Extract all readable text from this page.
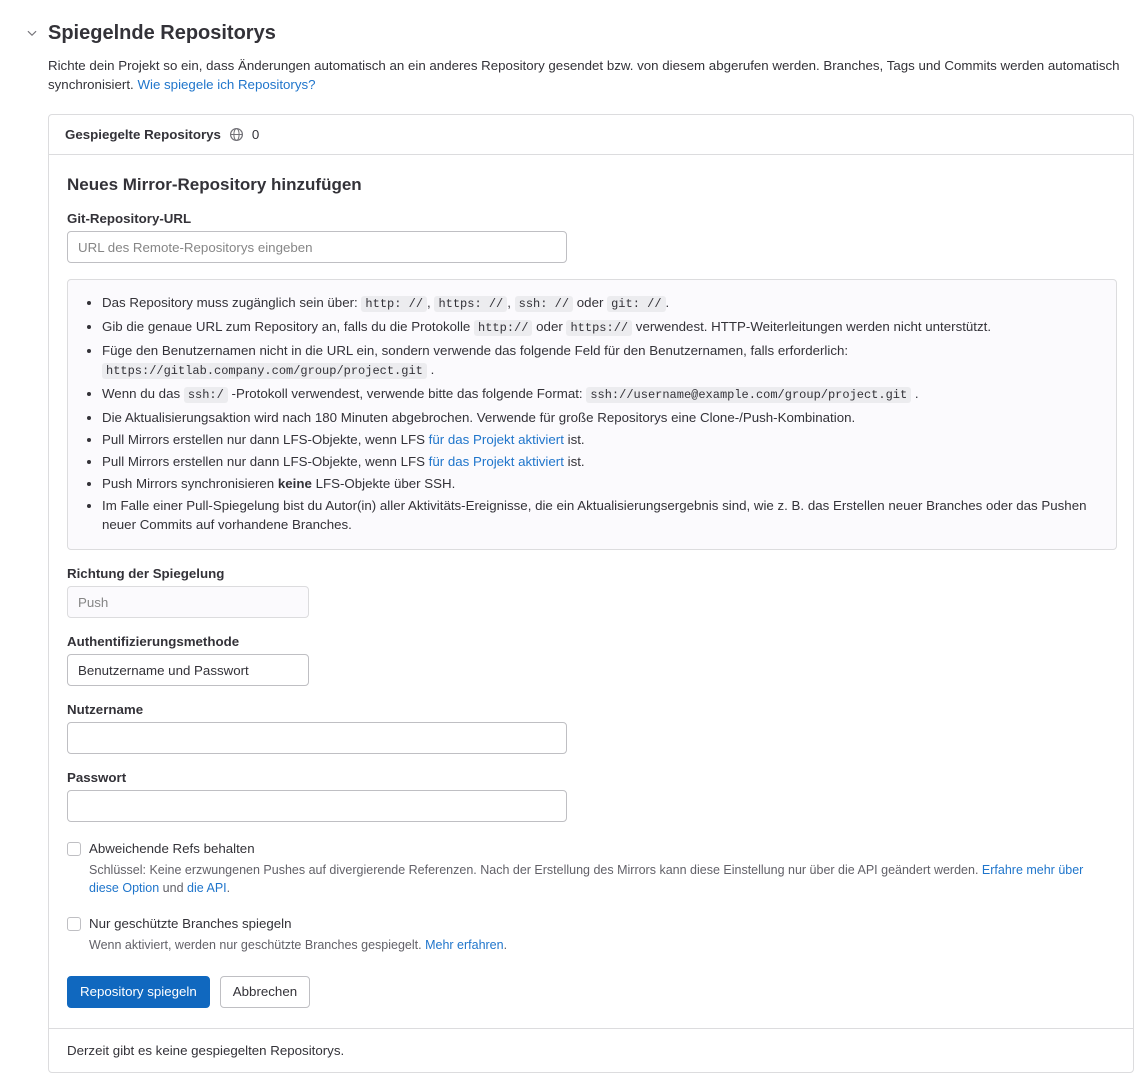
Spiegelnde Repositorys
Richte dein Projekt so ein, dass Änderungen automatisch an ein anderes Repository gesendet bzw. von diesem abgerufen werden. Branches, Tags und Commits werden automatisch synchronisiert. Wie spiegele ich Repositorys?
Gespiegelte Repositorys 0
Neues Mirror-Repository hinzufügen
Git-Repository-URL
URL des Remote-Repositorys eingeben
• Das Repository muss zugänglich sein über: http: // , https: // , ssh: // oder git: // .
• Gib die genaue URL zum Repository an, falls du die Protokolle http:// oder https:// verwendest. HTTP-Weiterleitungen werden nicht unterstützt.
• Füge den Benutzernamen nicht in die URL ein, sondern verwende das folgende Feld für den Benutzernamen, falls erforderlich: https://gitlab.company.com/group/project.git .
• Wenn du das ssh:/ -Protokoll verwendest, verwende bitte das folgende Format: ssh://username@example.com/group/project.git .
• Die Aktualisierungsaktion wird nach 180 Minuten abgebrochen. Verwende für große Repositorys eine Clone-/Push-Kombination.
• Pull Mirrors erstellen nur dann LFS-Objekte, wenn LFS für das Projekt aktiviert ist.
• Pull Mirrors erstellen nur dann LFS-Objekte, wenn LFS für das Projekt aktiviert ist.
• Push Mirrors synchronisieren keine LFS-Objekte über SSH.
• Im Falle einer Pull-Spiegelung bist du Autor(in) aller Aktivitäts-Ereignisse, die ein Aktualisierungsergebnis sind, wie z. B. das Erstellen neuer Branches oder das Pushen neuer Commits auf vorhandene Branches.
Richtung der Spiegelung
Push
Authentifizierungsmethode
Benutzername und Passwort
Nutzername
Passwort
Abweichende Refs behalten
Schlüssel: Keine erzwungenen Pushes auf divergierende Referenzen. Nach der Erstellung des Mirrors kann diese Einstellung nur über die API geändert werden. Erfahre mehr über diese Option und die API.
Nur geschützte Branches spiegeln
Wenn aktiviert, werden nur geschützte Branches gespiegelt. Mehr erfahren.
Repository spiegeln	Abbrechen
Derzeit gibt es keine gespiegelten Repositorys.
